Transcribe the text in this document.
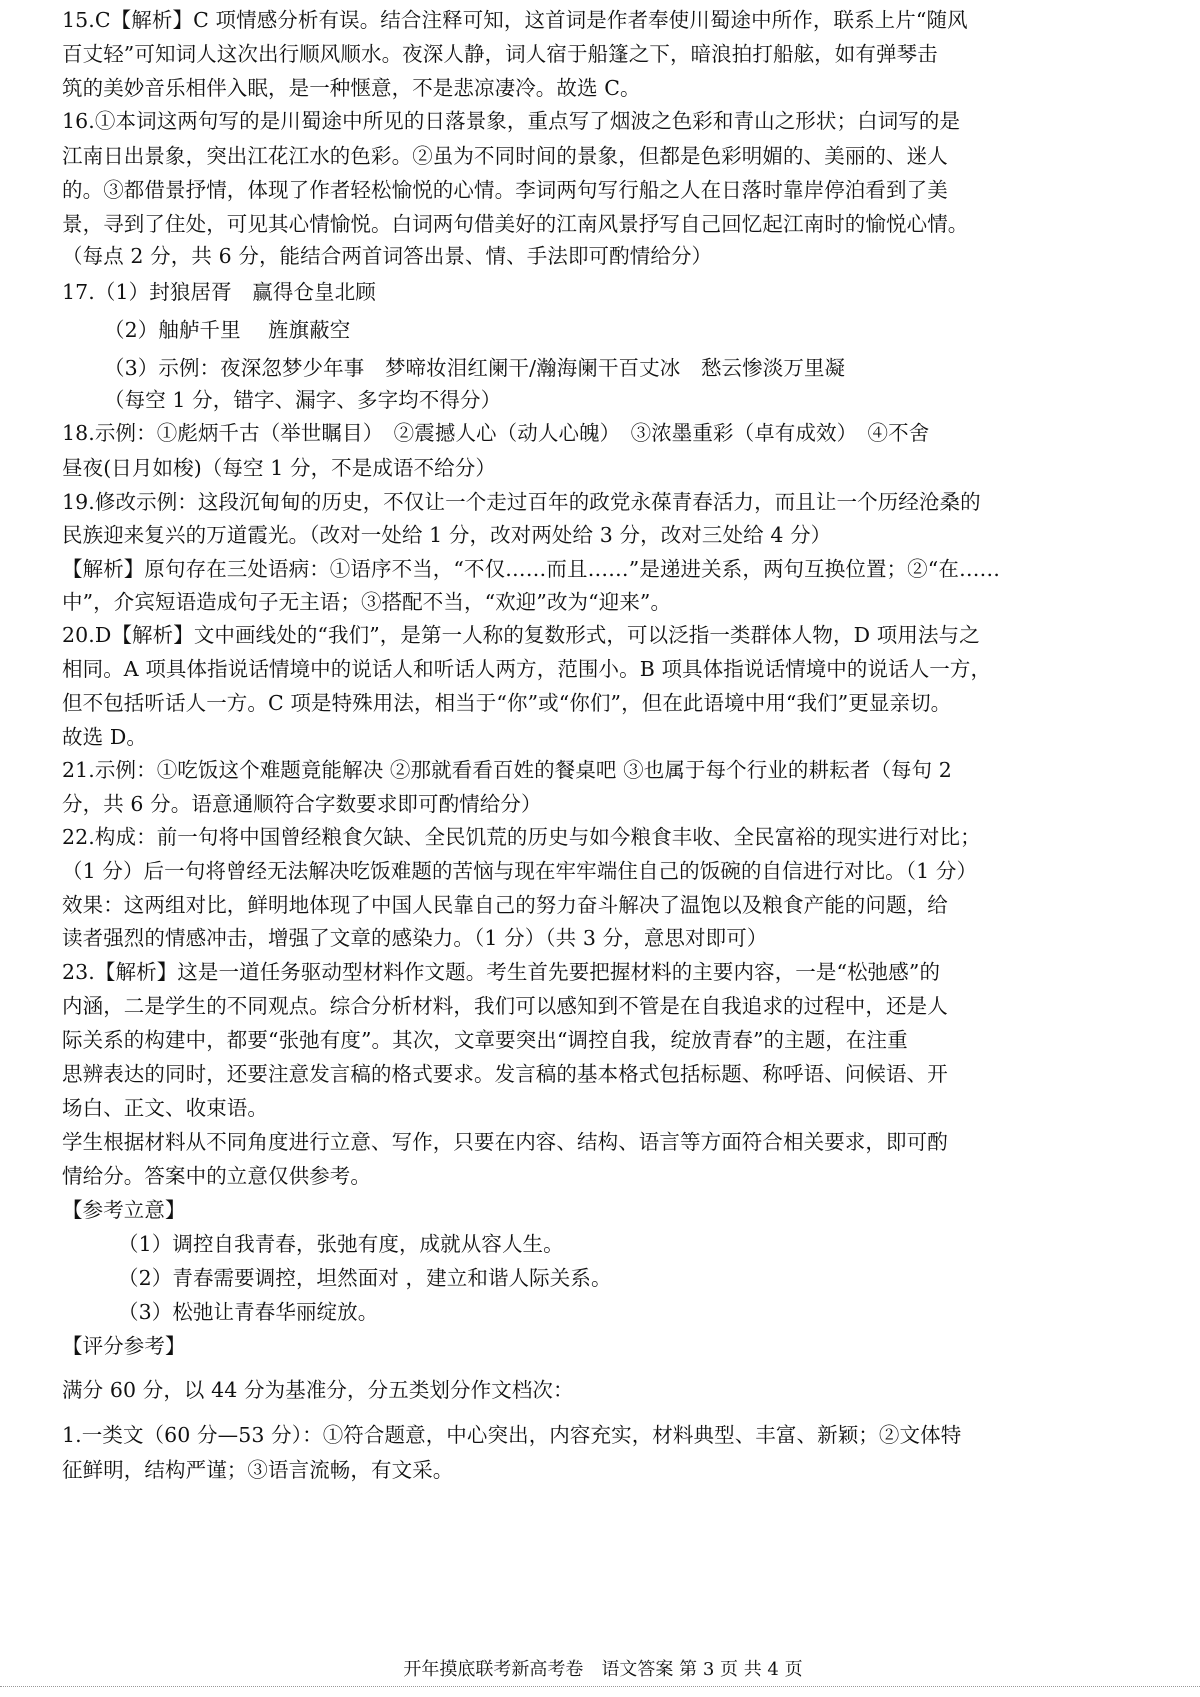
15.C【解析】C 项情感分析有误。结合注释可知，这首词是作者奉使川蜀途中所作，联系上片“随风
百丈轻”可知词人这次出行顺风顺水。夜深人静，词人宿于船篷之下，暗浪拍打船舷，如有弹琴击
筑的美妙音乐相伴入眠，是一种惬意，不是悲凉凄冷。故选 C。
16.①本词这两句写的是川蜀途中所见的日落景象，重点写了烟波之色彩和青山之形状；白词写的是
江南日出景象，突出江花江水的色彩。②虽为不同时间的景象，但都是色彩明媚的、美丽的、迷人
的。③都借景抒情，体现了作者轻松愉悦的心情。李词两句写行船之人在日落时靠岸停泊看到了美
景，寻到了住处，可见其心情愉悦。白词两句借美好的江南风景抒写自己回忆起江南时的愉悦心情。
（每点 2 分，共 6 分，能结合两首词答出景、情、手法即可酌情给分）
17.（1）封狼居胥　赢得仓皇北顾
（2）舳舻千里　 旌旗蔽空
（3）示例：夜深忽梦少年事　梦啼妆泪红阑干/瀚海阑干百丈冰　愁云惨淡万里凝
（每空 1 分，错字、漏字、多字均不得分）
18.示例：①彪炳千古（举世瞩目）　②震撼人心（动人心魄）　③浓墨重彩（卓有成效）　④不舍
昼夜(日月如梭)（每空 1 分，不是成语不给分）
19.修改示例：这段沉甸甸的历史，不仅让一个走过百年的政党永葆青春活力，而且让一个历经沧桑的
民族迎来复兴的万道霞光。（改对一处给 1 分，改对两处给 3 分，改对三处给 4 分）
【解析】原句存在三处语病：①语序不当，“不仅……而且……”是递进关系，两句互换位置；②“在……
中”，介宾短语造成句子无主语；③搭配不当，“欢迎”改为“迎来”。
20.D【解析】文中画线处的“我们”，是第一人称的复数形式，可以泛指一类群体人物，D 项用法与之
相同。A 项具体指说话情境中的说话人和听话人两方，范围小。B 项具体指说话情境中的说话人一方，
但不包括听话人一方。C 项是特殊用法，相当于“你”或“你们”，但在此语境中用“我们”更显亲切。
故选 D。
21.示例：①吃饭这个难题竟能解决 ②那就看看百姓的餐桌吧 ③也属于每个行业的耕耘者（每句 2
分，共 6 分。语意通顺符合字数要求即可酌情给分）
22.构成：前一句将中国曾经粮食欠缺、全民饥荒的历史与如今粮食丰收、全民富裕的现实进行对比；
（1 分）后一句将曾经无法解决吃饭难题的苦恼与现在牢牢端住自己的饭碗的自信进行对比。（1 分）
效果：这两组对比，鲜明地体现了中国人民靠自己的努力奋斗解决了温饱以及粮食产能的问题，给
读者强烈的情感冲击，增强了文章的感染力。（1 分）（共 3 分，意思对即可）
23.【解析】这是一道任务驱动型材料作文题。考生首先要把握材料的主要内容，一是“松弛感”的
内涵，二是学生的不同观点。综合分析材料，我们可以感知到不管是在自我追求的过程中，还是人
际关系的构建中，都要“张弛有度”。其次，文章要突出“调控自我，绽放青春”的主题，在注重
思辨表达的同时，还要注意发言稿的格式要求。发言稿的基本格式包括标题、称呼语、问候语、开
场白、正文、收束语。
学生根据材料从不同角度进行立意、写作，只要在内容、结构、语言等方面符合相关要求，即可酌
情给分。答案中的立意仅供参考。
【参考立意】
（1）调控自我青春，张弛有度，成就从容人生。
（2）青春需要调控，坦然面对 ，建立和谐人际关系。
（3）松弛让青春华丽绽放。
【评分参考】
满分 60 分，以 44 分为基准分，分五类划分作文档次：
1.一类文（60 分—53 分）：①符合题意，中心突出，内容充实，材料典型、丰富、新颖；②文体特
征鲜明，结构严谨；③语言流畅，有文采。
开年摸底联考新高考卷　语文答案 第 3 页 共 4 页
